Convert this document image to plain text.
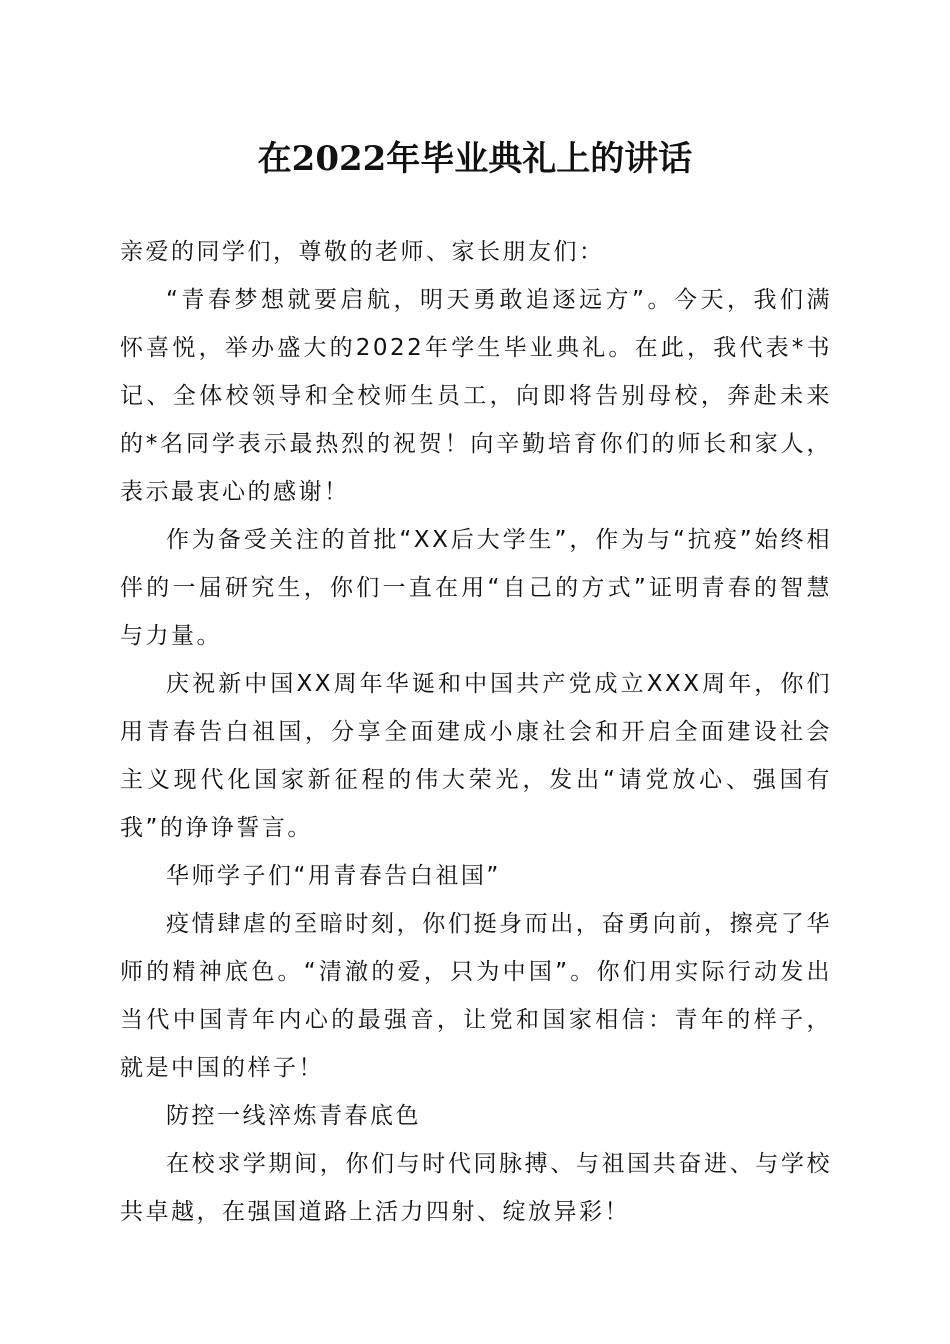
在2022年毕业典礼上的讲话

亲爱的同学们，尊敬的老师、家长朋友们：

“青春梦想就要启航，明天勇敢追逐远方”。今天，我们满怀喜悦，举办盛大的2022年学生毕业典礼。在此，我代表*书记、全体校领导和全校师生员工，向即将告别母校，奔赴未来的*名同学表示最热烈的祝贺！向辛勤培育你们的师长和家人，表示最衷心的感谢！

作为备受关注的首批“XX后大学生”，作为与“抗疫”始终相伴的一届研究生，你们一直在用“自己的方式”证明青春的智慧与力量。

庆祝新中国XX周年华诞和中国共产党成立XXX周年，你们用青春告白祖国，分享全面建成小康社会和开启全面建设社会主义现代化国家新征程的伟大荣光，发出“请党放心、强国有我”的诤诤誓言。

华师学子们“用青春告白祖国”

疫情肆虐的至暗时刻，你们挺身而出，奋勇向前，擦亮了华师的精神底色。“清澈的爱，只为中国”。你们用实际行动发出当代中国青年内心的最强音，让党和国家相信：青年的样子，就是中国的样子！

防控一线淬炼青春底色

在校求学期间，你们与时代同脉搏、与祖国共奋进、与学校共卓越，在强国道路上活力四射、绽放异彩！
